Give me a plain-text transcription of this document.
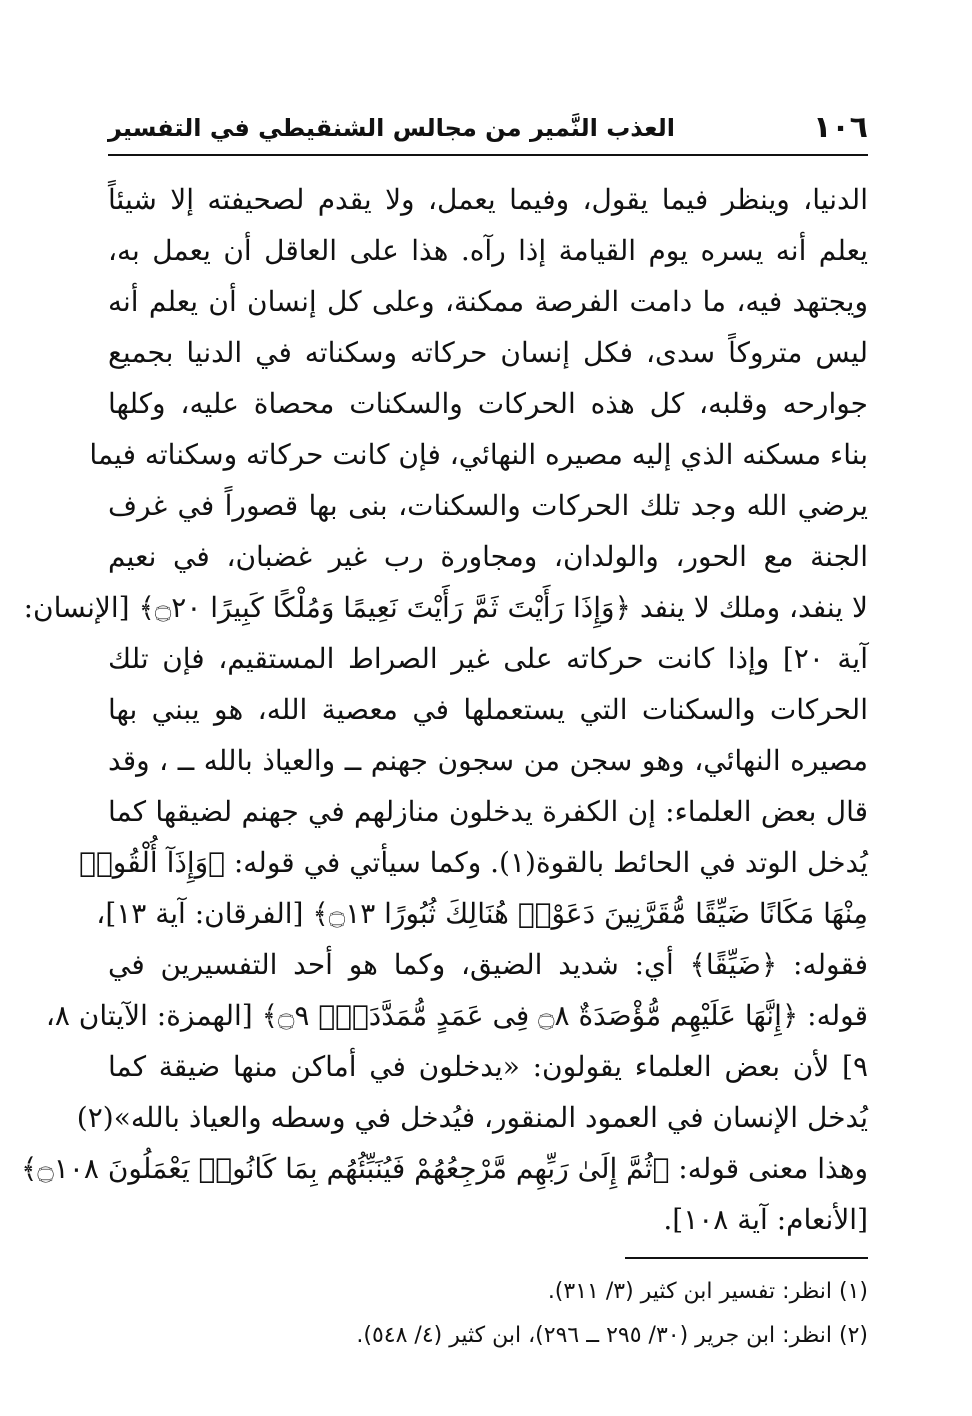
١٠٦
العذب النَّمير من مجالس الشنقيطي في التفسير
الدنيا، وينظر فيما يقول، وفيما يعمل، ولا يقدم لصحيفته إلا شيئاً
يعلم أنه يسره يوم القيامة إذا رآه. هذا على العاقل أن يعمل به،
ويجتهد فيه، ما دامت الفرصة ممكنة، وعلى كل إنسان أن يعلم أنه
ليس متروكاً سدى، فكل إنسان حركاته وسكناته في الدنيا بجميع
جوارحه وقلبه، كل هذه الحركات والسكنات محصاة عليه، وكلها
بناء مسكنه الذي إليه مصيره النهائي، فإن كانت حركاته وسكناته فيما
يرضي الله وجد تلك الحركات والسكنات، بنى بها قصوراً في غرف
الجنة مع الحور، والولدان، ومجاورة رب غير غضبان، في نعيم
لا ينفد، وملك لا ينفد ﴿وَإِذَا رَأَيْتَ ثَمَّ رَأَيْتَ نَعِيمًا وَمُلْكًا كَبِيرًا ۝٢٠﴾ [الإنسان:
آية ٢٠] وإذا كانت حركاته على غير الصراط المستقيم، فإن تلك
الحركات والسكنات التي يستعملها في معصية الله، هو يبني بها
مصيره النهائي، وهو سجن من سجون جهنم ــ والعياذ بالله ــ ، وقد
قال بعض العلماء: إن الكفرة يدخلون منازلهم في جهنم لضيقها كما
يُدخل الوتد في الحائط بالقوة(١). وكما سيأتي في قوله: ﴿وَإِذَآ أُلْقُوا۟
مِنْهَا مَكَانًا ضَيِّقًا مُّقَرَّنِينَ دَعَوْا۟ هُنَالِكَ ثُبُورًا ۝١٣﴾ [الفرقان: آية ١٣]،
فقوله: ﴿ضَيِّقًا﴾ أي: شديد الضيق، وكما هو أحد التفسيرين في
قوله: ﴿إِنَّهَا عَلَيْهِم مُّؤْصَدَةٌ ۝٨ فِى عَمَدٍ مُّمَدَّدَةٍۭ ۝٩﴾ [الهمزة: الآيتان ٨،
٩] لأن بعض العلماء يقولون: «يدخلون في أماكن منها ضيقة كما
يُدخل الإنسان في العمود المنقور، فيُدخل في وسطه والعياذ بالله»(٢)
وهذا معنى قوله: ﴿ثُمَّ إِلَىٰ رَبِّهِم مَّرْجِعُهُمْ فَيُنَبِّئُهُم بِمَا كَانُوا۟ يَعْمَلُونَ ۝١٠٨﴾
[الأنعام: آية ١٠٨].
(١) انظر: تفسير ابن كثير (٣/ ٣١١).
(٢) انظر: ابن جرير (٣٠/ ٢٩٥ ــ ٢٩٦)، ابن كثير (٤/ ٥٤٨).
